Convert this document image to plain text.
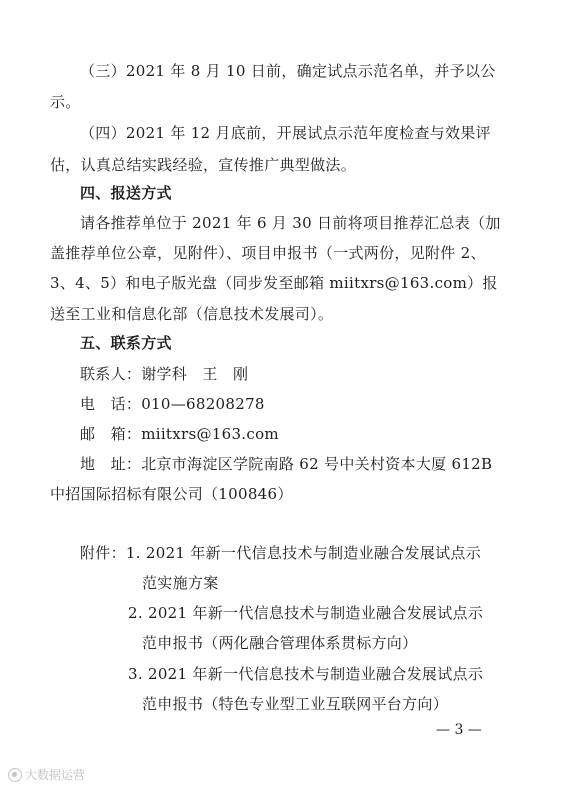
（三）2021 年 8 月 10 日前，确定试点示范名单，并予以公
示。
（四）2021 年 12 月底前，开展试点示范年度检查与效果评
估，认真总结实践经验，宣传推广典型做法。
四、报送方式
请各推荐单位于 2021 年 6 月 30 日前将项目推荐汇总表（加
盖推荐单位公章，见附件）、项目申报书（一式两份，见附件 2、
3、4、5）和电子版光盘（同步发至邮箱 miitxrs@163.com）报
送至工业和信息化部（信息技术发展司）。
五、联系方式
联系人：谢学科　王　刚
电　话：010—68208278
邮　箱：miitxrs@163.com
地　址：北京市海淀区学院南路 62 号中关村资本大厦 612B
中招国际招标有限公司（100846）
附件：1. 2021 年新一代信息技术与制造业融合发展试点示
范实施方案
2. 2021 年新一代信息技术与制造业融合发展试点示
范申报书（两化融合管理体系贯标方向）
3. 2021 年新一代信息技术与制造业融合发展试点示
范申报书（特色专业型工业互联网平台方向）
— 3 —
大数据运营
